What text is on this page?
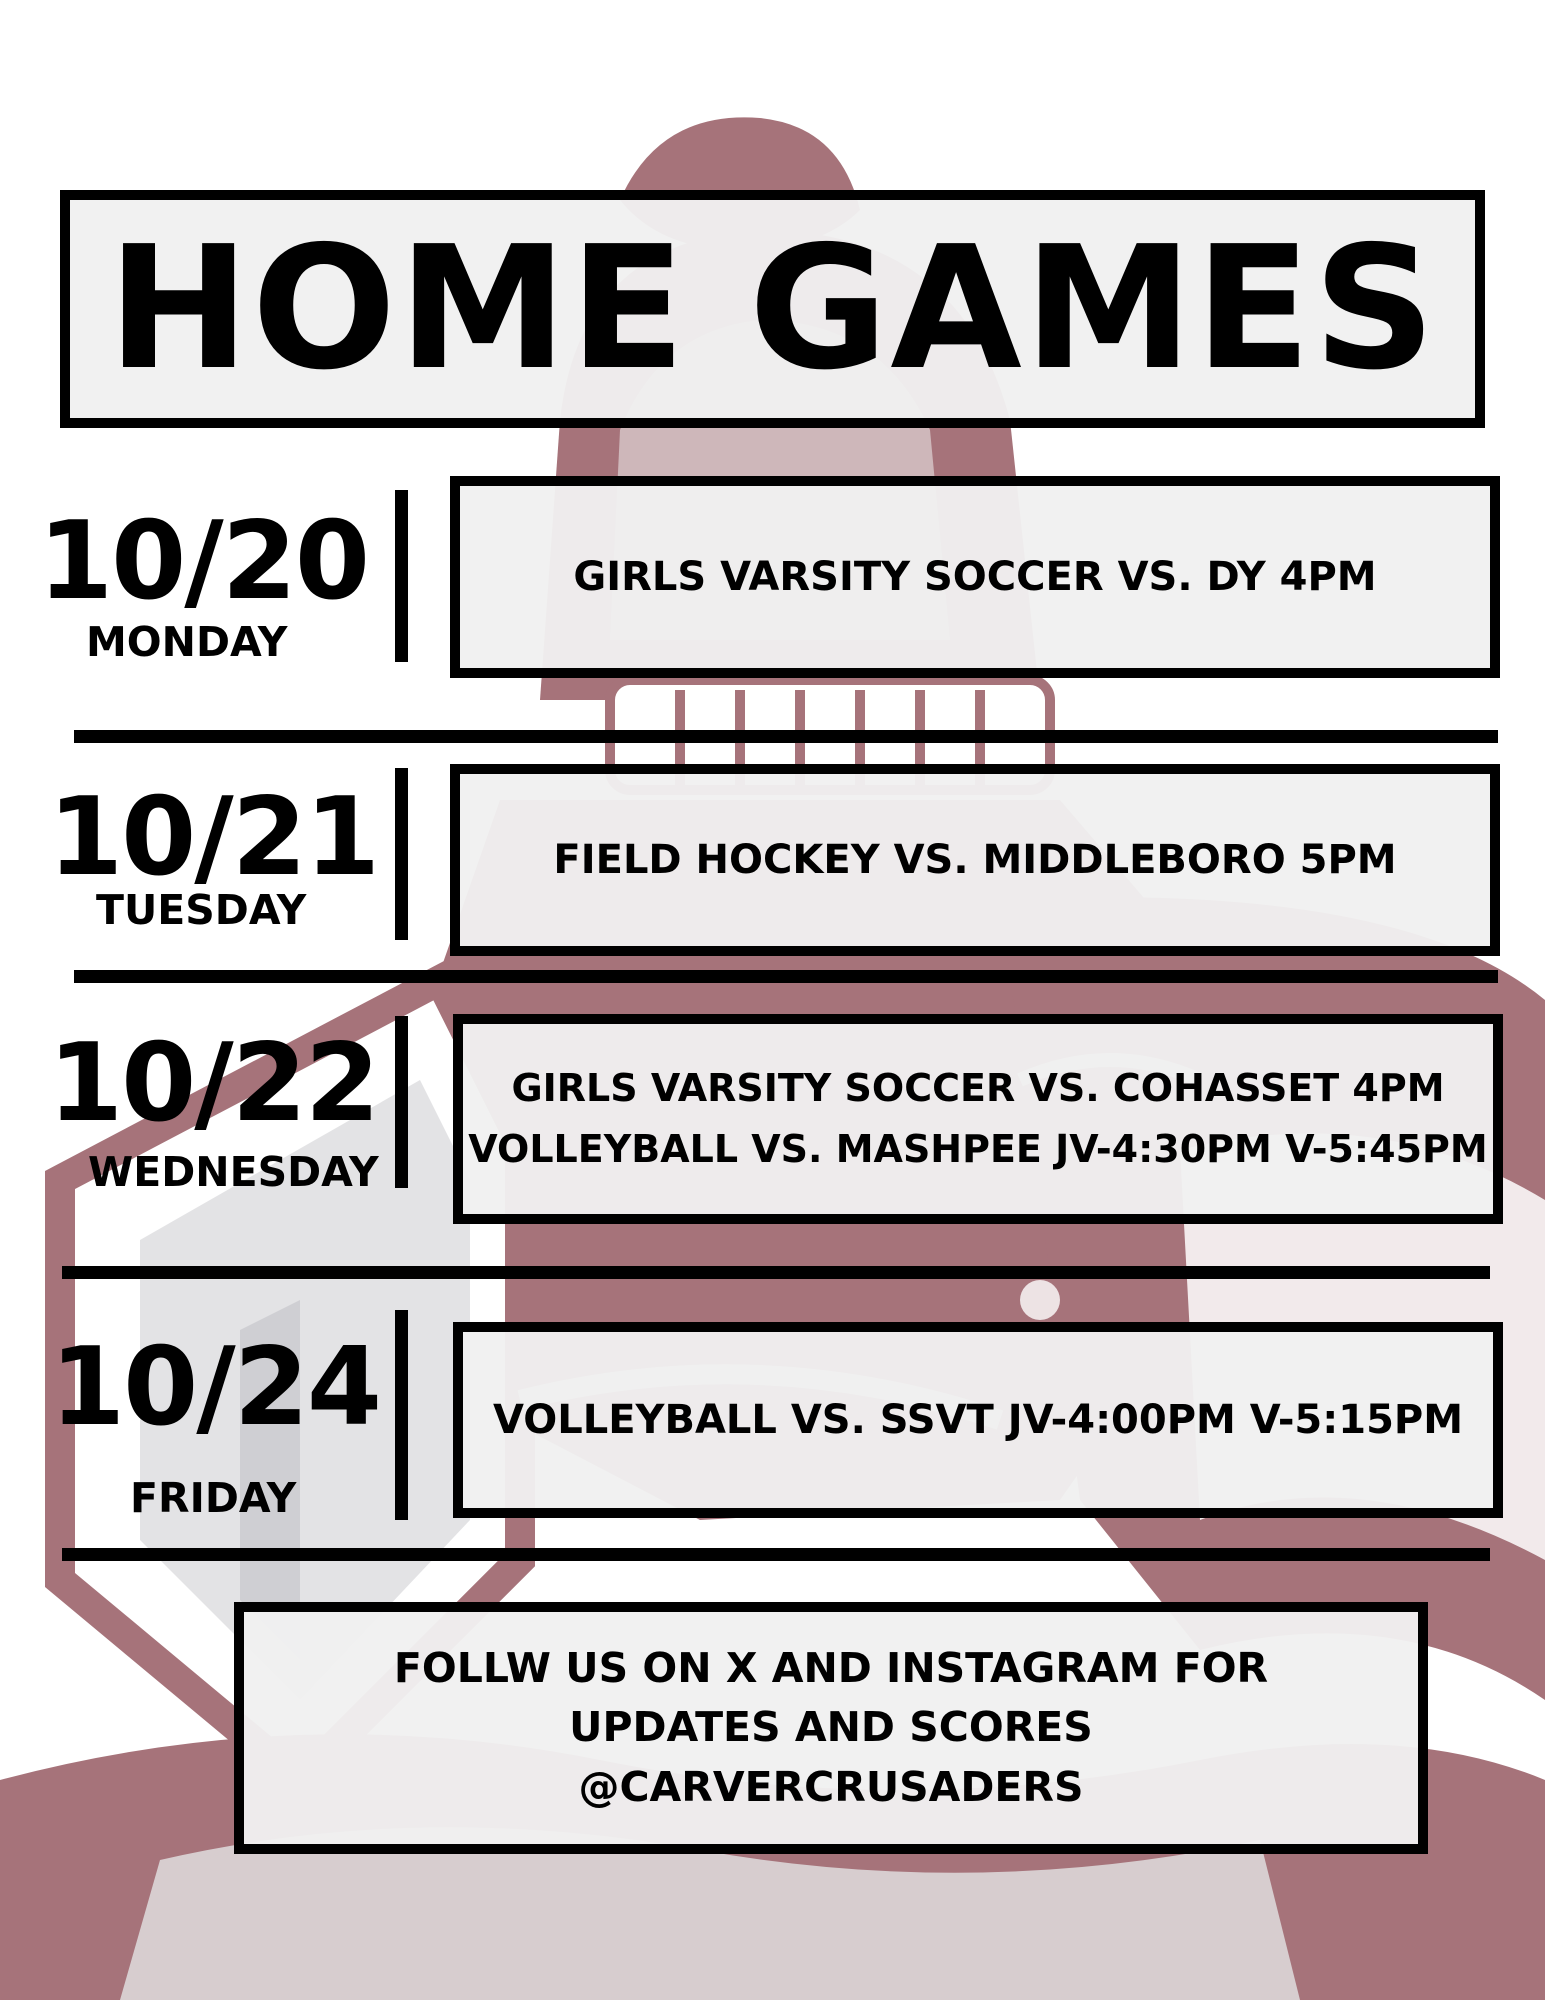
HOME GAMES
10/20
MONDAY
GIRLS VARSITY SOCCER VS. DY 4PM
10/21
TUESDAY
FIELD HOCKEY VS. MIDDLEBORO 5PM
10/22
WEDNESDAY
GIRLS VARSITY SOCCER VS. COHASSET 4PM
VOLLEYBALL VS. MASHPEE JV-4:30PM V-5:45PM
10/24
FRIDAY
VOLLEYBALL VS. SSVT JV-4:00PM V-5:15PM
FOLLW US ON X AND INSTAGRAM FOR
UPDATES AND SCORES
@CARVERCRUSADERS
